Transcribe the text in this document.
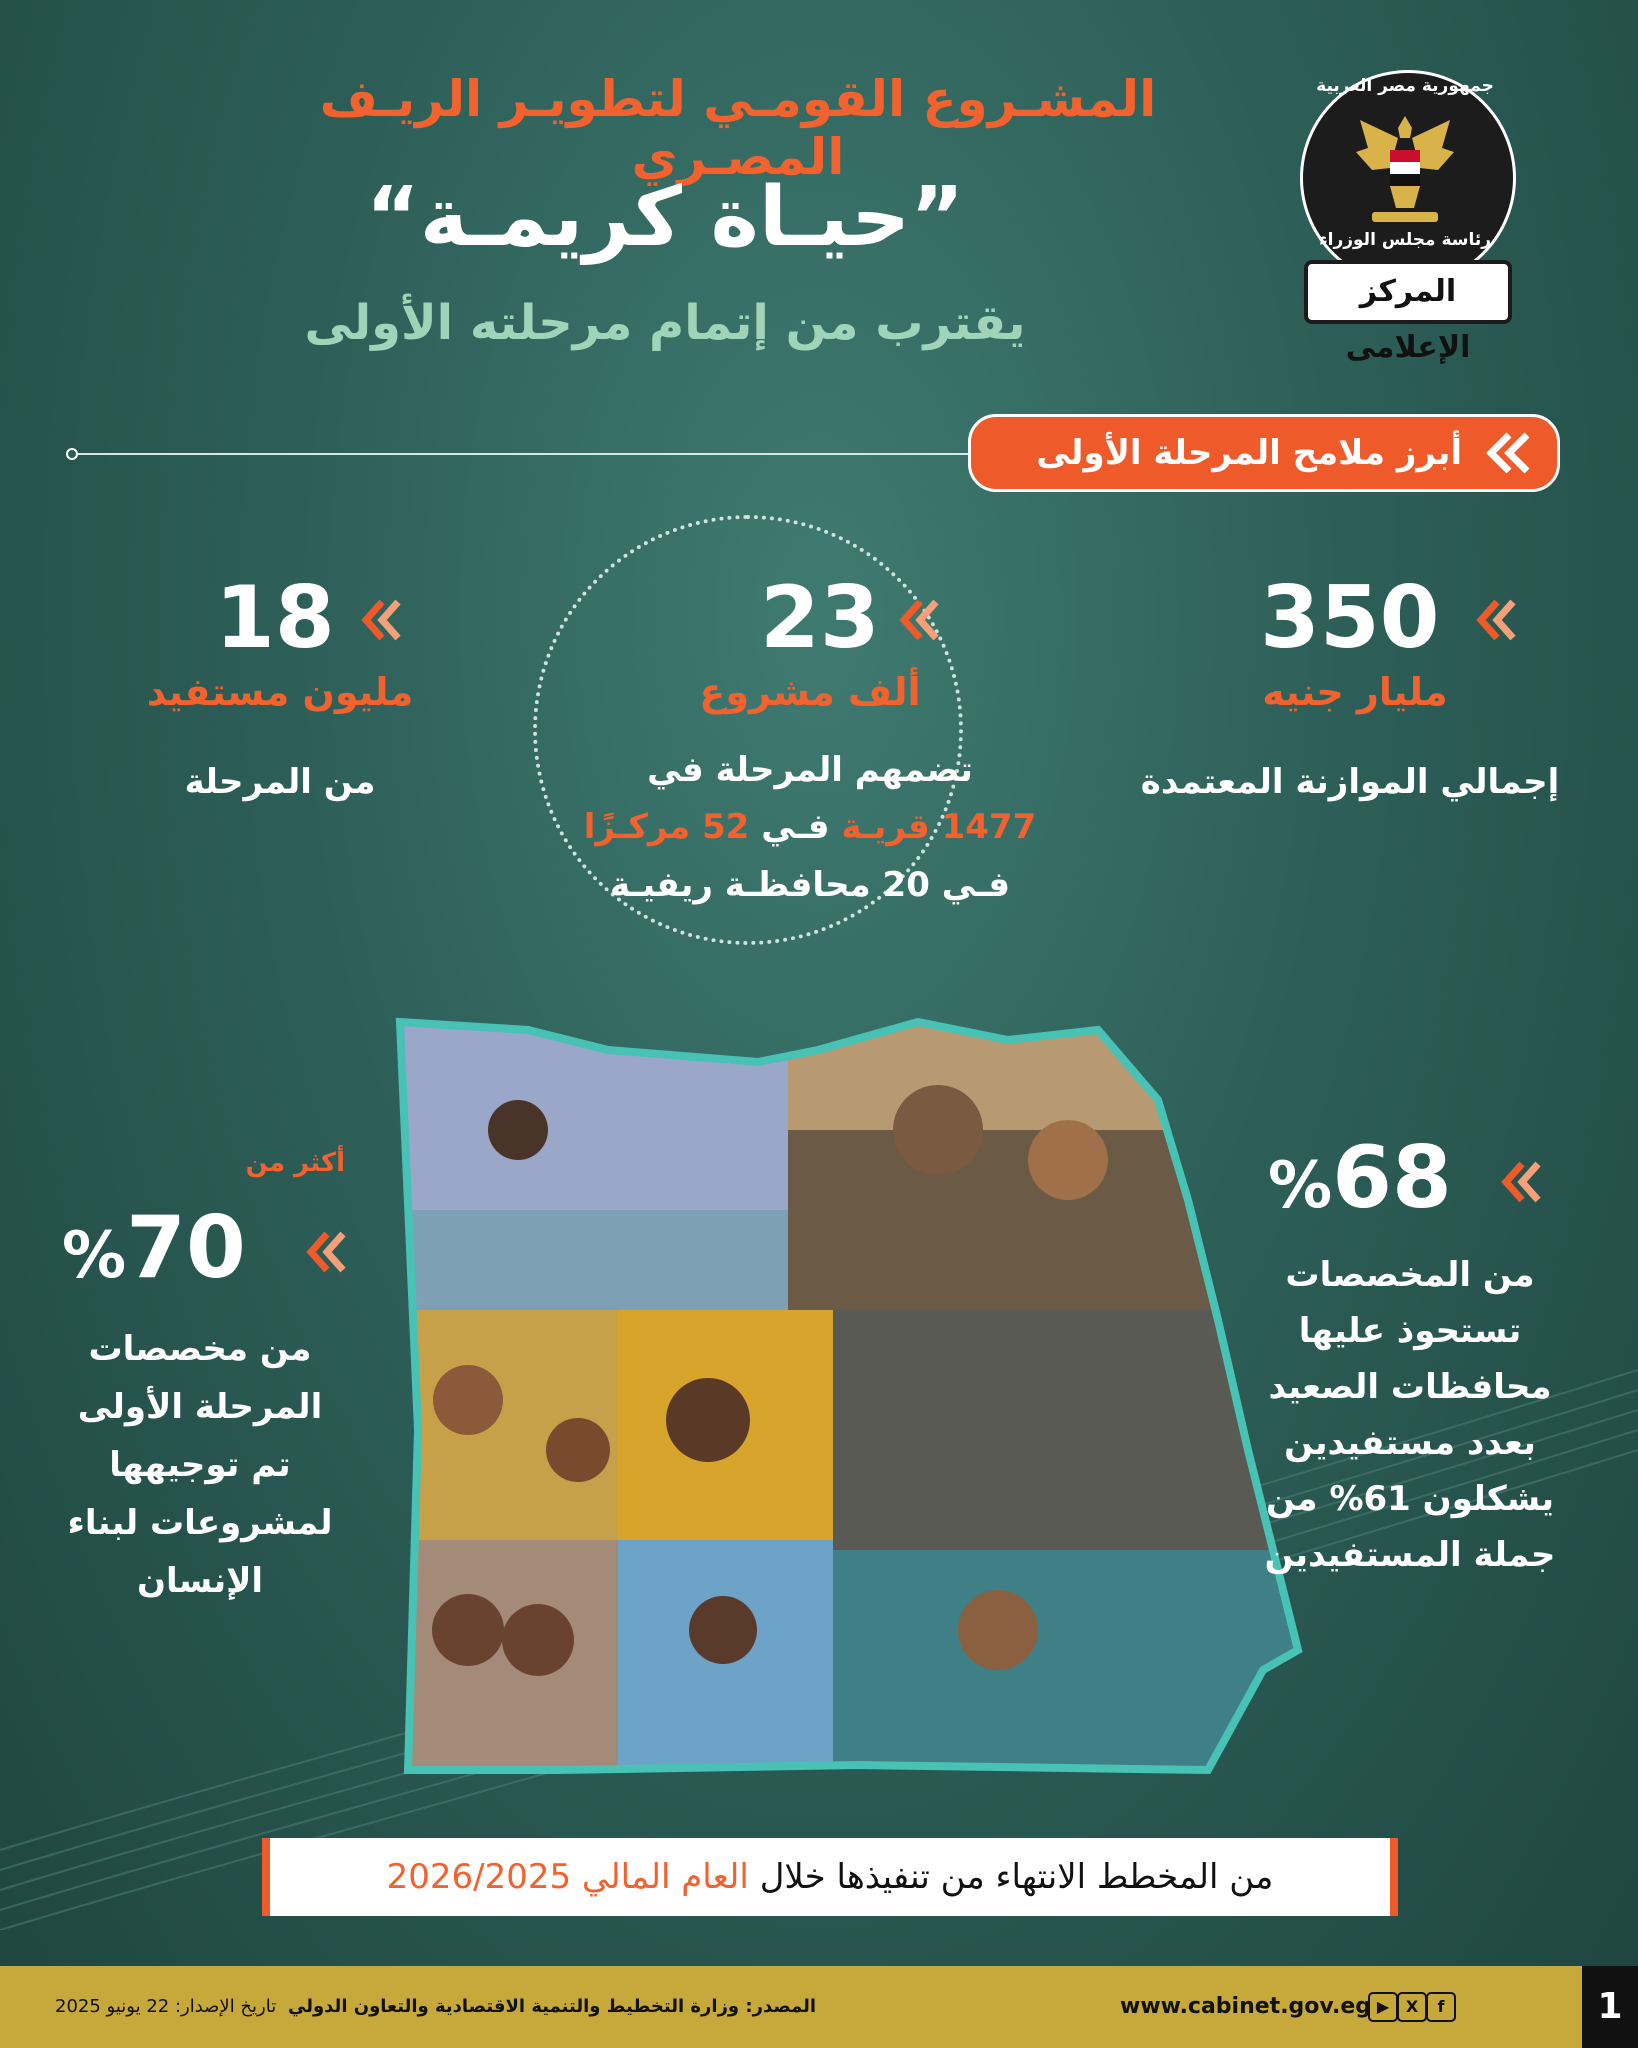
المشـروع القومـي لتطويـر الريـف المصـري
”حيـاة كريمـة“
يقترب من إتمام مرحلته الأولى
جمهورية مصر العربية
رئاسة مجلس الوزراء
المركز الإعلامى
أبرز ملامح المرحلة الأولى
350
مليار جنيه
إجمالي الموازنة المعتمدة
23
ألف مشروع
تضمهم المرحلة في
1477 قريـة فـي 52 مركـزًا
فـي 20 محافظـة ريفيـة
18
مليون مستفيد
من المرحلة
%68
من المخصصات
تستحوذ عليها
محافظات الصعيد
بعدد مستفيدين
يشكلون 61% من
جملة المستفيدين
أكثر من
%70
من مخصصات
المرحلة الأولى
تم توجيهها
لمشروعات لبناء
الإنسان
من المخطط الانتهاء من تنفيذها خلال العام المالي 2026/2025
1
▶	X	f
www.cabinet.gov.eg
المصدر: وزارة التخطيط والتنمية الاقتصادية والتعاون الدولي
تاريخ الإصدار: 22 يونيو 2025
